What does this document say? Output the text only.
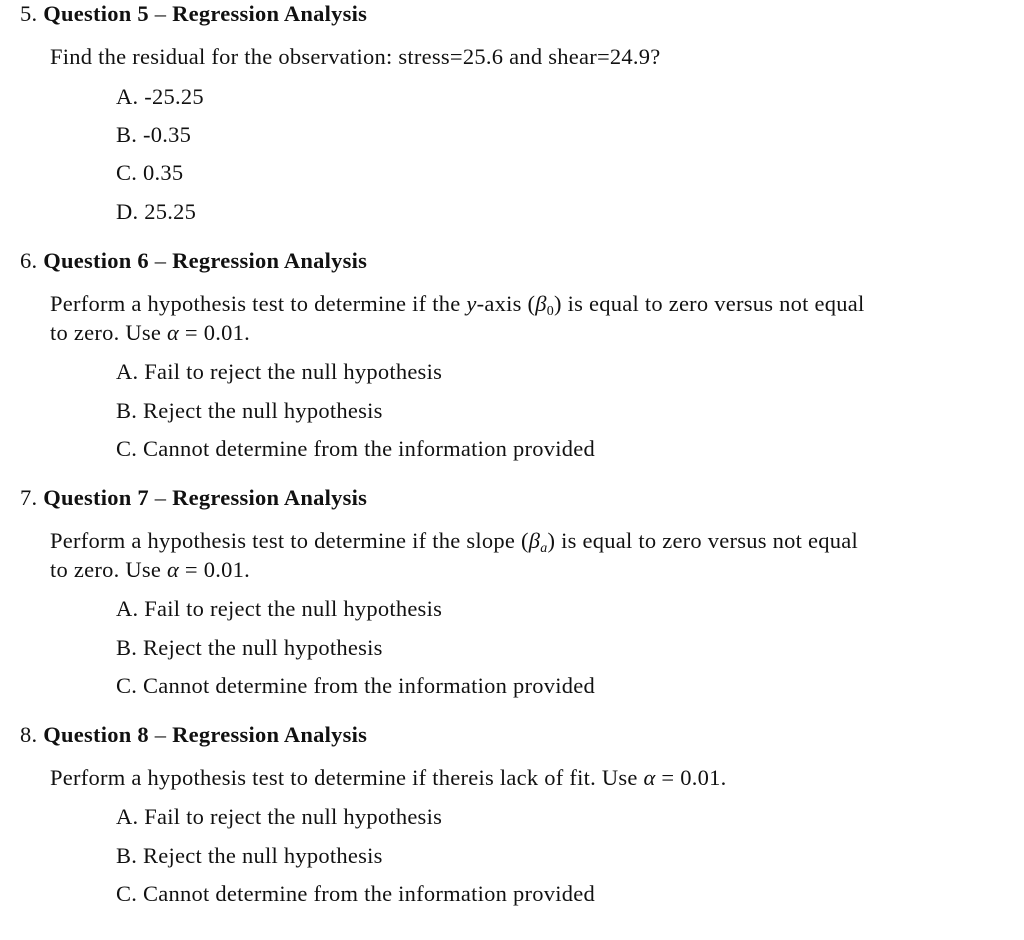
5. Question 5 – Regression Analysis
Find the residual for the observation: stress=25.6 and shear=24.9?
A. -25.25
B. -0.35
C. 0.35
D. 25.25
6. Question 6 – Regression Analysis
Perform a hypothesis test to determine if the y-axis $(\beta_0)$ is equal to zero versus not equal
to zero. Use α = 0.01.
A. Fail to reject the null hypothesis
B. Reject the null hypothesis
C. Cannot determine from the information provided
7. Question 7 – Regression Analysis
Perform a hypothesis test to determine if the slope $(\beta_a)$ is equal to zero versus not equal
to zero. Use α = 0.01.
A. Fail to reject the null hypothesis
B. Reject the null hypothesis
C. Cannot determine from the information provided
8. Question 8 – Regression Analysis
Perform a hypothesis test to determine if thereis lack of fit. Use α = 0.01.
A. Fail to reject the null hypothesis
B. Reject the null hypothesis
C. Cannot determine from the information provided
